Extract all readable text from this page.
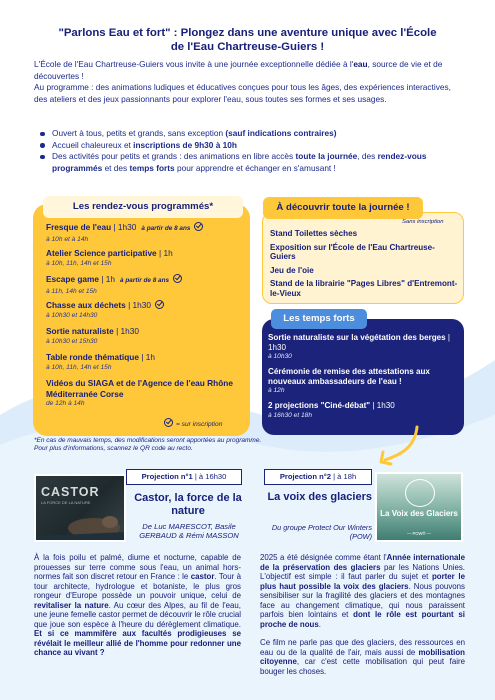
"Parlons Eau et fort" : Plongez dans une aventure unique avec l'École
de l'Eau Chartreuse-Guiers !

L'École de l'Eau Chartreuse-Guiers vous invite à une journée exceptionnelle dédiée à l'eau, source de vie et de découvertes !

Au programme : des animations ludiques et éducatives conçues pour tous les âges, des expériences interactives, des ateliers et des jeux passionnants pour explorer l'eau, sous toutes ses formes et ses usages.

Ouvert à tous, petits et grands, sans exception (sauf indications contraires)
Accueil chaleureux et inscriptions de 9h30 à 10h
Des activités pour petits et grands : des animations en libre accès toute la journée, des rendez-vous programmés et des temps forts pour apprendre et échanger en s'amusant !
Les rendez-vous programmés*
Fresque de l'eau | 1h30 à partir de 8 ans
à 10h et à 14h
Atelier Science participative | 1h
à 10h, 11h, 14h et 15h
Escape game | 1h à partir de 8 ans
à 11h, 14h et 15h
Chasse aux déchets | 1h30
à 10h30 et 14h30
Sortie naturaliste | 1h30
à 10h30 et 15h30
Table ronde thématique | 1h
à 10h, 11h, 14h et 15h
Vidéos du SIAGA et de l'Agence de l'eau Rhône Méditerranée Corse
de 12h à 14h
= sur inscription
À découvrir toute la journée !
Sans inscription
Stand Toilettes sèches
Exposition sur l'École de l'Eau Chartreuse-Guiers
Jeu de l'oie
Stand de la librairie "Pages Libres" d'Entremont-le-Vieux
Les temps forts
Sortie naturaliste sur la végétation des berges | 1h30
à 10h30
Cérémonie de remise des attestations aux nouveaux ambassadeurs de l'eau !
à 12h
2 projections "Ciné-débat" | 1h30
à 16h30 et 18h
*En cas de mauvais temps, des modifications seront apportées au programme. Pour plus d'informations, scannez le QR code au recto.
CASTOR
LA FORCE DE LA NATURE
Projection n°1 | à 16h30
Castor, la force de la nature
De Luc MARESCOT, Basile GERBAUD & Rémi MASSON
Projection n°2 | à 18h
La voix des glaciers
Du groupe Protect Our Winters (POW)
La Voix des Glaciers
— POW® —
À la fois poilu et palmé, diurne et nocturne, capable de prouesses sur terre comme sous l'eau, un animal hors-normes fait son discret retour en France : le castor. Tour à tour architecte, hydrologue et botaniste, le plus gros rongeur d'Europe possède un pouvoir unique, celui de revitaliser la nature. Au cœur des Alpes, au fil de l'eau, une jeune femelle castor permet de découvrir le rôle crucial que joue son espèce à l'heure du dérèglement climatique. Et si ce mammifère aux facultés prodigieuses se révélait le meilleur allié de l'homme pour redonner une chance au vivant ?

2025 a été désignée comme étant l'Année internationale de la préservation des glaciers par les Nations Unies. L'objectif est simple : il faut parler du sujet et porter le plus haut possible la voix des glaciers. Nous pouvons sensibiliser sur la fragilité des glaciers et des montagnes face au changement climatique, qui nous paraissent parfois bien lointains et dont le rôle est pourtant si proche de nous.

Ce film ne parle pas que des glaciers, des ressources en eau ou de la qualité de l'air, mais aussi de mobilisation citoyenne, car c'est cette mobilisation qui peut faire bouger les choses.
